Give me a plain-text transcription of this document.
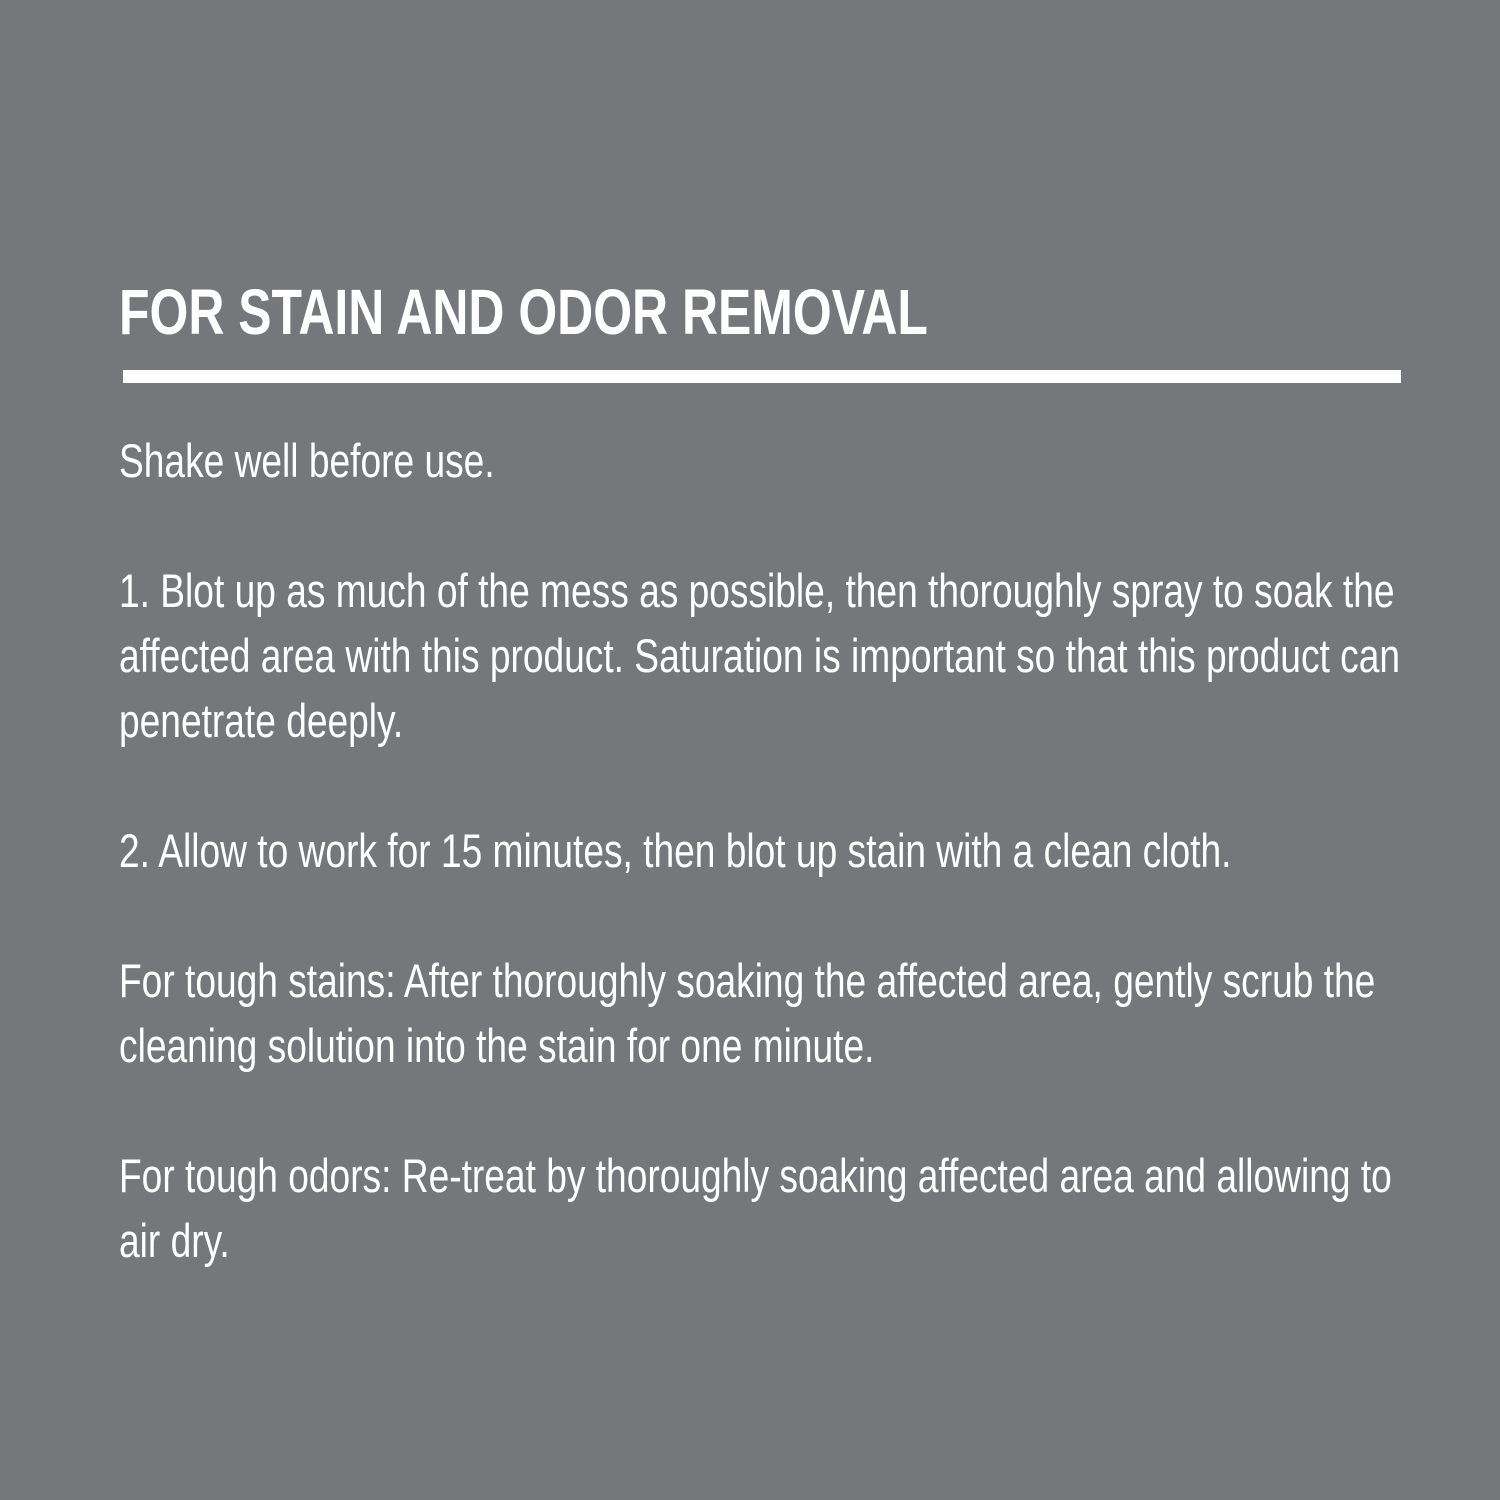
FOR STAIN AND ODOR REMOVAL

Shake well before use.

1. Blot up as much of the mess as possible, then thoroughly spray to soak the affected area with this product. Saturation is important so that this product can penetrate deeply.

2. Allow to work for 15 minutes, then blot up stain with a clean cloth.

For tough stains: After thoroughly soaking the affected area, gently scrub the cleaning solution into the stain for one minute.

For tough odors: Re-treat by thoroughly soaking affected area and allowing to air dry.
